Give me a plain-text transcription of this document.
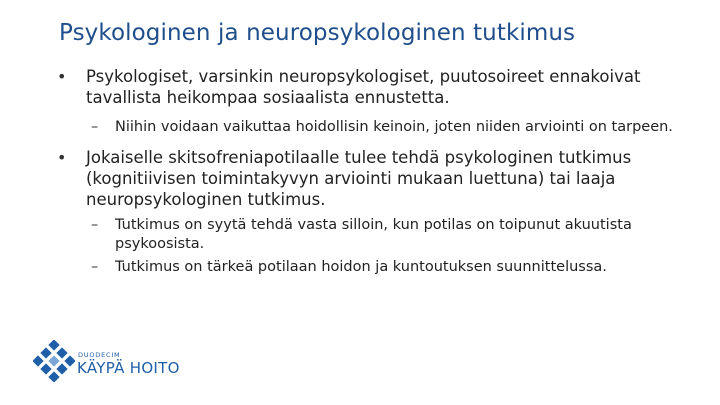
Psykologinen ja neuropsykologinen tutkimus
• Psykologiset, varsinkin neuropsykologiset, puutosoireet ennakoivat tavallista heikompaa sosiaalista ennustetta.
– Niihin voidaan vaikuttaa hoidollisin keinoin, joten niiden arviointi on tarpeen.
• Jokaiselle skitsofreniapotilaalle tulee tehdä psykologinen tutkimus (kognitiivisen toimintakyvyn arviointi mukaan luettuna) tai laaja neuropsykologinen tutkimus.
– Tutkimus on syytä tehdä vasta silloin, kun potilas on toipunut akuutista psykoosista.
– Tutkimus on tärkeä potilaan hoidon ja kuntoutuksen suunnittelussa.
DUODECIM
KÄYPÄ HOITO
